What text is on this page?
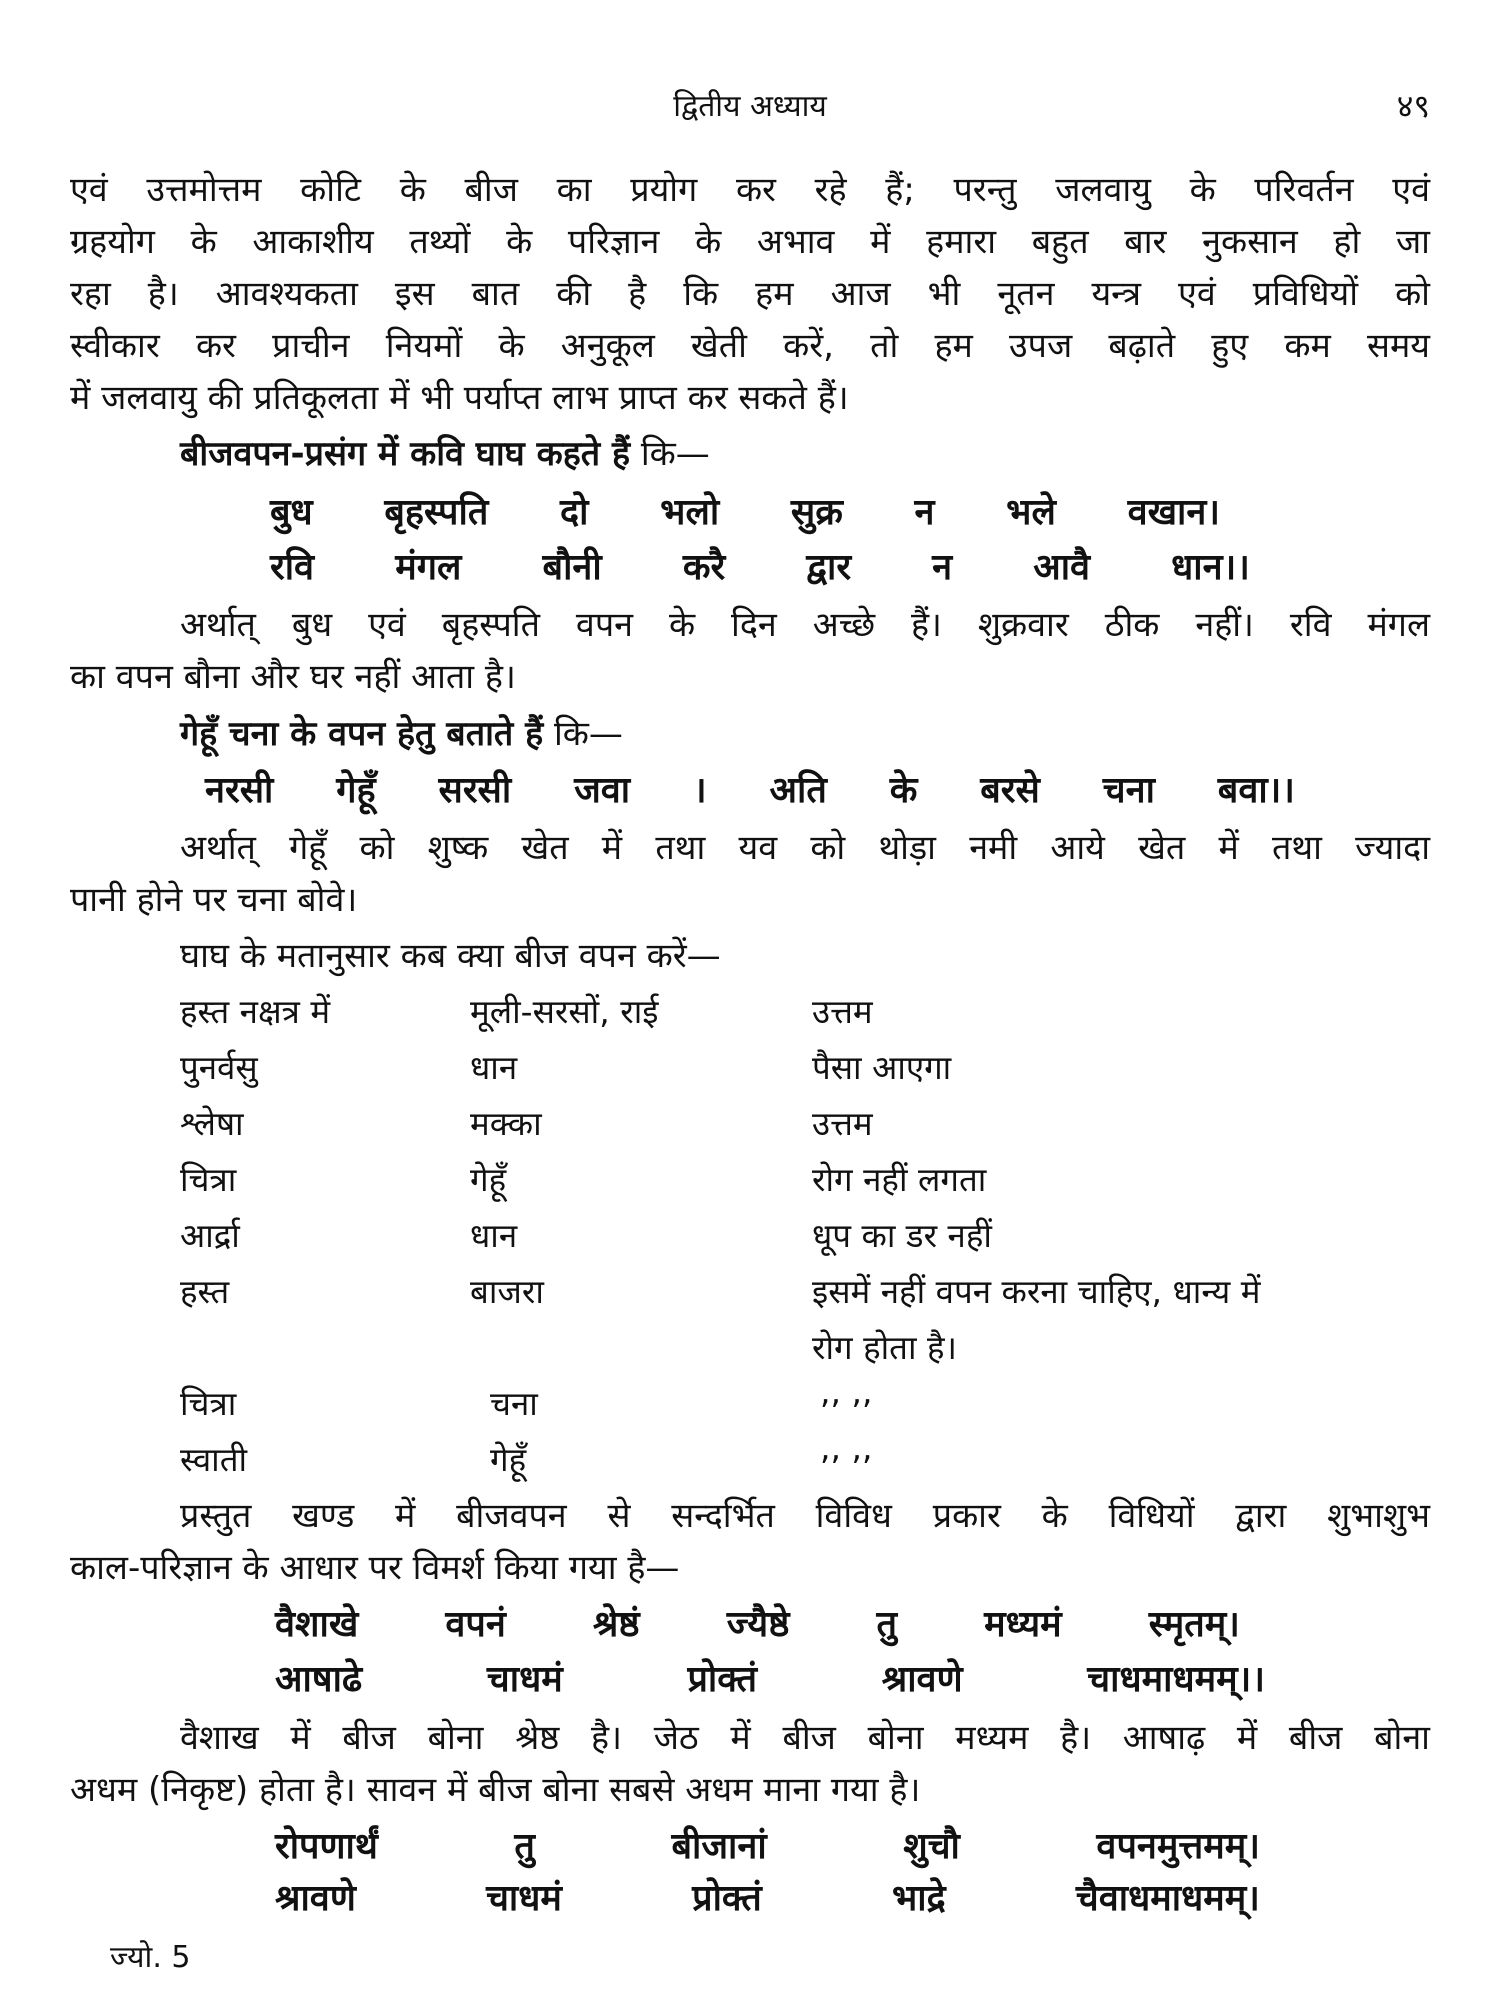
द्वितीय अध्याय	४९
एवं उत्तमोत्तम कोटि के बीज का प्रयोग कर रहे हैं; परन्तु जलवायु के परिवर्तन एवं
ग्रहयोग के आकाशीय तथ्यों के परिज्ञान के अभाव में हमारा बहुत बार नुकसान हो जा
रहा है। आवश्यकता इस बात की है कि हम आज भी नूतन यन्त्र एवं प्रविधियों को
स्वीकार कर प्राचीन नियमों के अनुकूल खेती करें, तो हम उपज बढ़ाते हुए कम समय
में जलवायु की प्रतिकूलता में भी पर्याप्त लाभ प्राप्त कर सकते हैं।
बीजवपन-प्रसंग में कवि घाघ कहते हैं कि—
बुध बृहस्पति दो भलो सुक्र न भले वखान।
रवि मंगल बौनी करै द्वार न आवै धान।।
अर्थात् बुध एवं बृहस्पति वपन के दिन अच्छे हैं। शुक्रवार ठीक नहीं। रवि मंगल
का वपन बौना और घर नहीं आता है।
गेहूँ चना के वपन हेतु बताते हैं कि—
नरसी गेहूँ सरसी जवा । अति के बरसे चना बवा।।
अर्थात् गेहूँ को शुष्क खेत में तथा यव को थोड़ा नमी आये खेत में तथा ज्यादा
पानी होने पर चना बोवे।
घाघ के मतानुसार कब क्या बीज वपन करें—
हस्त नक्षत्र में	मूली-सरसों, राई	उत्तम
पुनर्वसु	धान	पैसा आएगा
श्लेषा	मक्का	उत्तम
चित्रा	गेहूँ	रोग नहीं लगता
आर्द्रा	धान	धूप का डर नहीं
हस्त	बाजरा	इसमें नहीं वपन करना चाहिए, धान्य में
रोग होता है।
चित्रा	चना	,, ,,
स्वाती	गेहूँ	,, ,,
प्रस्तुत खण्ड में बीजवपन से सन्दर्भित विविध प्रकार के विधियों द्वारा शुभाशुभ
काल-परिज्ञान के आधार पर विमर्श किया गया है—
वैशाखे वपनं श्रेष्ठं ज्यैष्ठे तु मध्यमं स्मृतम्।
आषाढे	चाधमं	प्रोक्तं	श्रावणे	चाधमाधमम्।।
वैशाख में बीज बोना श्रेष्ठ है। जेठ में बीज बोना मध्यम है। आषाढ़ में बीज बोना
अधम (निकृष्ट) होता है। सावन में बीज बोना सबसे अधम माना गया है।
रोपणार्थं	तु	बीजानां	शुचौ	वपनमुत्तमम्।
श्रावणे	चाधमं	प्रोक्तं	भाद्रे	चैवाधमाधमम्।
ज्यो. 5
